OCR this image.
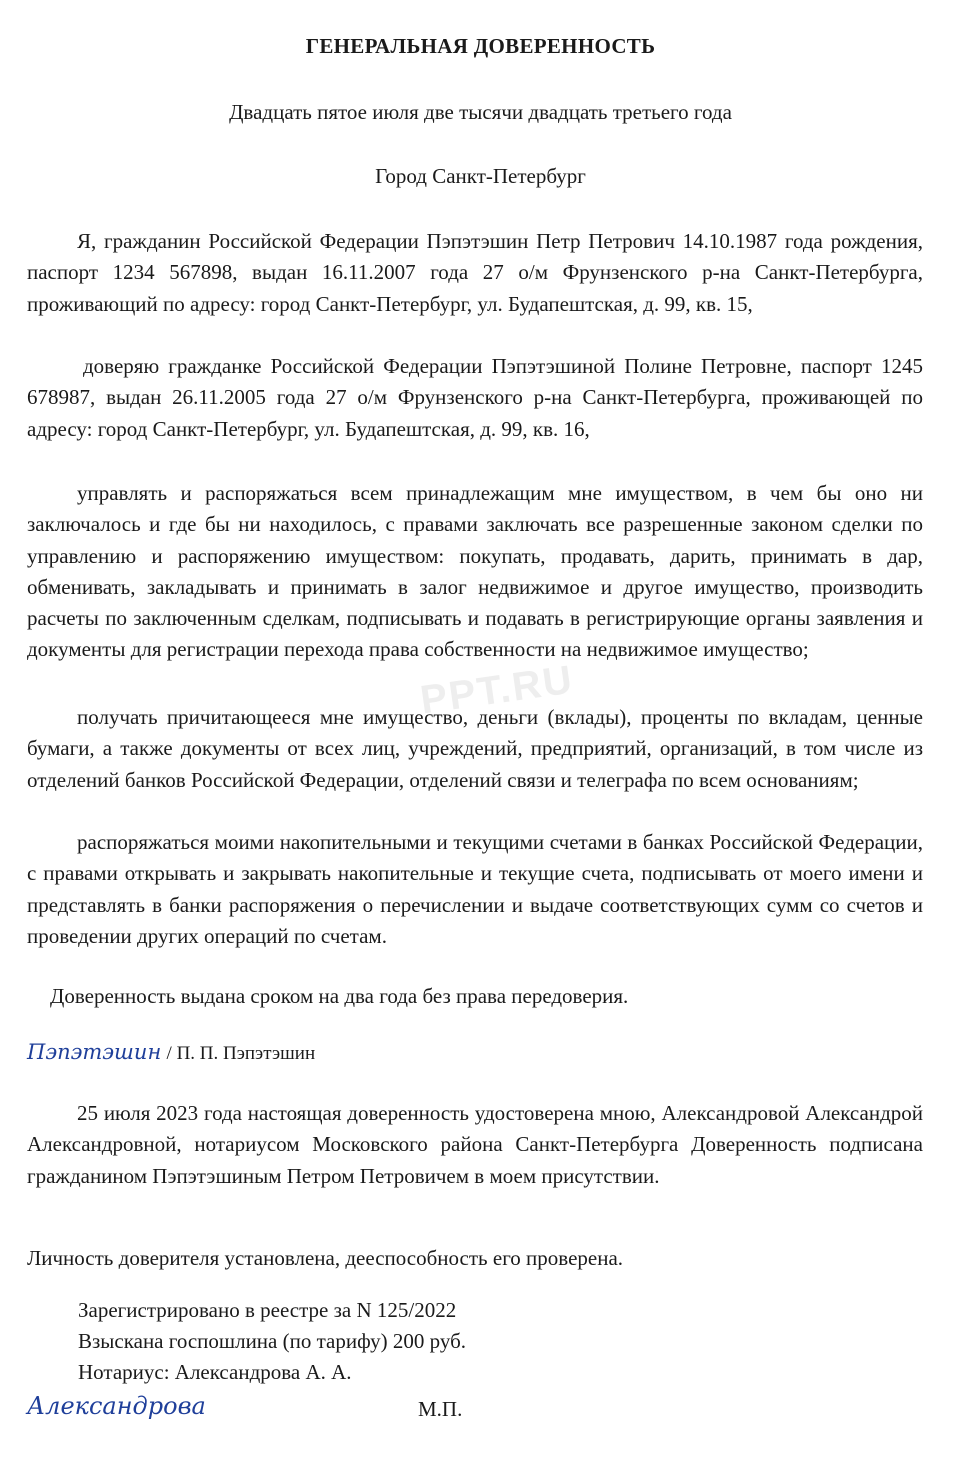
ГЕНЕРАЛЬНАЯ ДОВЕРЕННОСТЬ
Двадцать пятое июля две тысячи двадцать третьего года
Город Санкт-Петербург
Я, гражданин Российской Федерации Пэпэтэшин Петр Петрович 14.10.1987 года рождения, паспорт 1234 567898, выдан 16.11.2007 года 27 о/м Фрунзенского р-на Санкт-Петербурга, проживающий по адресу: город Санкт-Петербург, ул. Будапештская, д. 99, кв. 15,
доверяю гражданке Российской Федерации Пэпэтэшиной Полине Петровне, паспорт 1245 678987, выдан 26.11.2005 года 27 о/м Фрунзенского р-на Санкт-Петербурга, проживающей по адресу: город Санкт-Петербург, ул. Будапештская, д. 99, кв. 16,
управлять и распоряжаться всем принадлежащим мне имуществом, в чем бы оно ни заключалось и где бы ни находилось, с правами заключать все разрешенные законом сделки по управлению и распоряжению имуществом: покупать, продавать, дарить, принимать в дар, обменивать, закладывать и принимать в залог недвижимое и другое имущество, производить расчеты по заключенным сделкам, подписывать и подавать в регистрирующие органы заявления и документы для регистрации перехода права собственности на недвижимое имущество;
получать причитающееся мне имущество, деньги (вклады), проценты по вкладам, ценные бумаги, а также документы от всех лиц, учреждений, предприятий, организаций, в том числе из отделений банков Российской Федерации, отделений связи и телеграфа по всем основаниям;
распоряжаться моими накопительными и текущими счетами в банках Российской Федерации, с правами открывать и закрывать накопительные и текущие счета, подписывать от моего имени и представлять в банки распоряжения о перечислении и выдаче соответствующих сумм со счетов и проведении других операций по счетам.
PPT.RU
Доверенность выдана сроком на два года без права передоверия.
Пэпэтэшин / П. П. Пэпэтэшин
25 июля 2023 года настоящая доверенность удостоверена мною, Александровой Александрой Александровной, нотариусом Московского района Санкт-Петербурга Доверенность подписана гражданином Пэпэтэшиным Петром Петровичем в моем присутствии.
Личность доверителя установлена, дееспособность его проверена.
Зарегистрировано в реестре за N 125/2022
Взыскана госпошлина (по тарифу) 200 руб.
Нотариус: Александрова А. А.
Александрова	М.П.
